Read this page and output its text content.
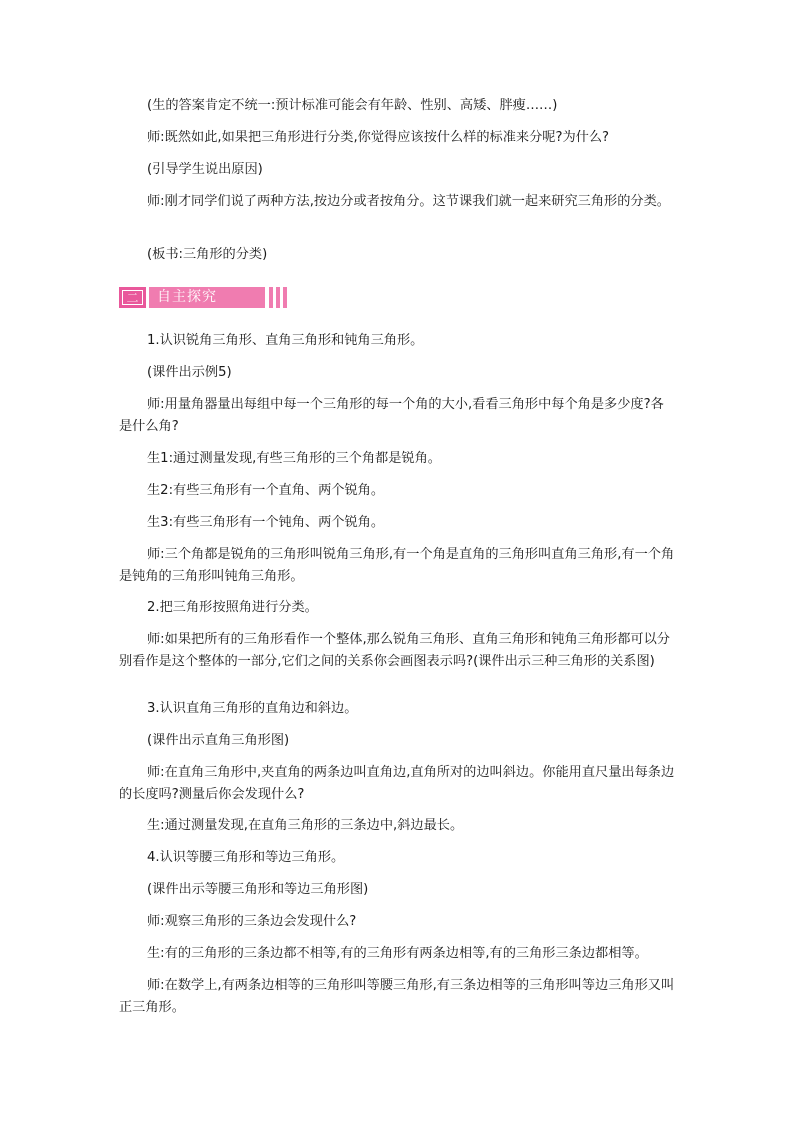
(生的答案肯定不统一:预计标准可能会有年龄、性别、高矮、胖瘦……)

师:既然如此,如果把三角形进行分类,你觉得应该按什么样的标准来分呢?为什么?

(引导学生说出原因)

师:刚才同学们说了两种方法,按边分或者按角分。这节课我们就一起来研究三角形的分类。

(板书:三角形的分类)

二	自主探究

1.认识锐角三角形、直角三角形和钝角三角形。

(课件出示例5)

师:用量角器量出每组中每一个三角形的每一个角的大小,看看三角形中每个角是多少度?各是什么角?

生1:通过测量发现,有些三角形的三个角都是锐角。

生2:有些三角形有一个直角、两个锐角。

生3:有些三角形有一个钝角、两个锐角。

师:三个角都是锐角的三角形叫锐角三角形,有一个角是直角的三角形叫直角三角形,有一个角是钝角的三角形叫钝角三角形。

2.把三角形按照角进行分类。

师:如果把所有的三角形看作一个整体,那么锐角三角形、直角三角形和钝角三角形都可以分别看作是这个整体的一部分,它们之间的关系你会画图表示吗?(课件出示三种三角形的关系图)

3.认识直角三角形的直角边和斜边。

(课件出示直角三角形图)

师:在直角三角形中,夹直角的两条边叫直角边,直角所对的边叫斜边。你能用直尺量出每条边的长度吗?测量后你会发现什么?

生:通过测量发现,在直角三角形的三条边中,斜边最长。

4.认识等腰三角形和等边三角形。

(课件出示等腰三角形和等边三角形图)

师:观察三角形的三条边会发现什么?

生:有的三角形的三条边都不相等,有的三角形有两条边相等,有的三角形三条边都相等。

师:在数学上,有两条边相等的三角形叫等腰三角形,有三条边相等的三角形叫等边三角形又叫正三角形。
